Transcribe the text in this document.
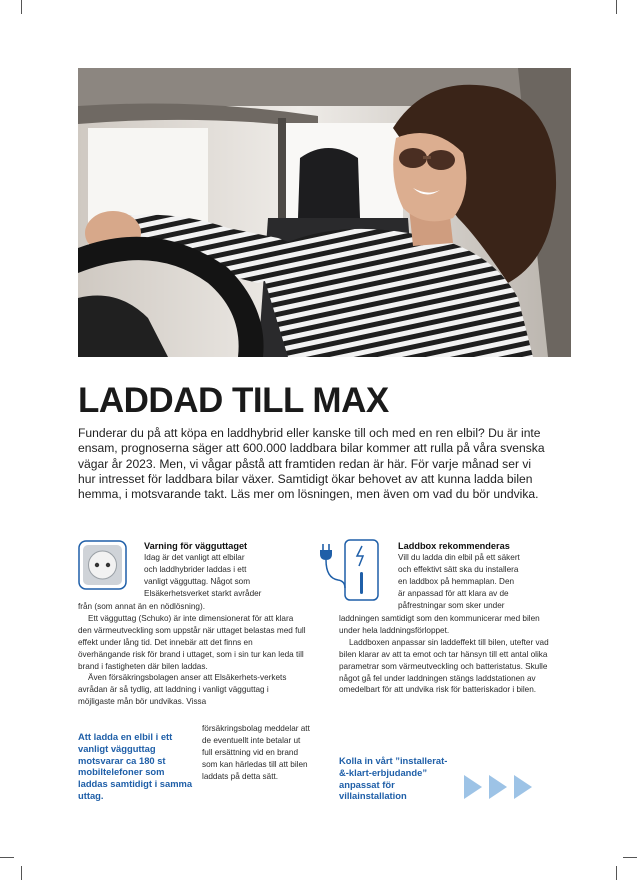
LADDAD TILL MAX

Funderar du på att köpa en laddhybrid eller kanske till och med en ren elbil? Du är inte ensam, prognoserna säger att 600.000 laddbara bilar kommer att rulla på våra svenska vägar år 2023. Men, vi vågar påstå att framtiden redan är här. För varje månad ser vi hur intresset för laddbara bilar växer. Samtidigt ökar behovet av att kunna ladda bilen hemma, i motsvarande takt. Läs mer om lösningen, men även om vad du bör undvika.

Varning för vägguttaget

Idag är det vanligt att elbilar

och laddhybrider laddas i ett

vanligt vägguttag. Något som

Elsäkerhetsverket starkt avråder

från (som annat än en nödlösning).

Ett vägguttag (Schuko) är inte dimensionerat för att klara den värmeutveckling som uppstår när uttaget belastas med full effekt under lång tid. Det innebär att det finns en överhängande risk för brand i uttaget, som i sin tur kan leda till brand i fastigheten där bilen laddas.

Även försäkringsbolagen anser att Elsäkerhets-verkets avrådan är så tydlig, att laddning i vanligt vägguttag i möjligaste mån bör undvikas. Vissa

försäkringsbolag meddelar att de eventuellt inte betalar ut full ersättning vid en brand som kan härledas till att bilen laddats på detta sätt.

Att ladda en elbil i ett vanligt vägguttag motsvarar ca 180 st mobiltelefoner som laddas samtidigt i samma uttag.

Laddbox rekommenderas

Vill du ladda din elbil på ett säkert

och effektivt sätt ska du installera

en laddbox på hemmaplan. Den

är anpassad för att klara av de

påfrestningar som sker under

laddningen samtidigt som den kommunicerar med bilen under hela laddningsförloppet.

Laddboxen anpassar sin laddeffekt till bilen, utefter vad bilen klarar av att ta emot och tar hänsyn till ett antal olika parametrar som värmeutveckling och batteristatus. Skulle något gå fel under laddningen stängs laddstationen av omedelbart för att undvika risk för batteriskador i bilen.

Kolla in vårt ”installerat-&-klart-erbjudande” anpassat för villainstallation
